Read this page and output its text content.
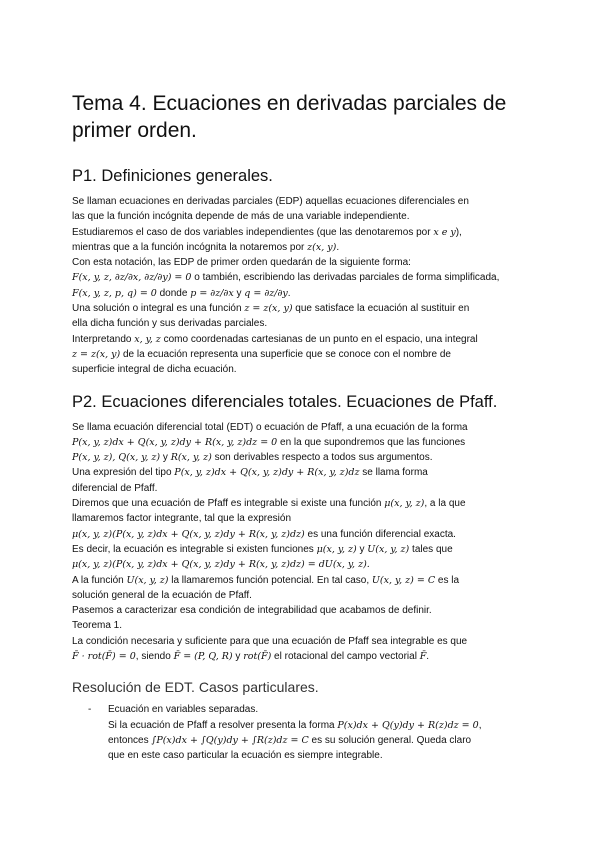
Tema 4. Ecuaciones en derivadas parciales de primer orden.
P1. Definiciones generales.

Se llaman ecuaciones en derivadas parciales (EDP) aquellas ecuaciones diferenciales en

las que la función incógnita depende de más de una variable independiente.

Estudiaremos el caso de dos variables independientes (que las denotaremos por x e y),

mientras que a la función incógnita la notaremos por z(x, y).

Con esta notación, las EDP de primer orden quedarán de la siguiente forma:

F(x, y, z, ∂z/∂x, ∂z/∂y) = 0 o también, escribiendo las derivadas parciales de forma simplificada,

F(x, y, z, p, q) = 0 donde p = ∂z/∂x y q = ∂z/∂y.

Una solución o integral es una función z = z(x, y) que satisface la ecuación al sustituir en

ella dicha función y sus derivadas parciales.

Interpretando x, y, z como coordenadas cartesianas de un punto en el espacio, una integral

z = z(x, y) de la ecuación representa una superficie que se conoce con el nombre de

superficie integral de dicha ecuación.

P2. Ecuaciones diferenciales totales. Ecuaciones de Pfaff.

Se llama ecuación diferencial total (EDT) o ecuación de Pfaff, a una ecuación de la forma

P(x, y, z)dx + Q(x, y, z)dy + R(x, y, z)dz = 0 en la que supondremos que las funciones

P(x, y, z), Q(x, y, z) y R(x, y, z) son derivables respecto a todos sus argumentos.

Una expresión del tipo P(x, y, z)dx + Q(x, y, z)dy + R(x, y, z)dz se llama forma

diferencial de Pfaff.

Diremos que una ecuación de Pfaff es integrable si existe una función μ(x, y, z), a la que

llamaremos factor integrante, tal que la expresión

μ(x, y, z)(P(x, y, z)dx + Q(x, y, z)dy + R(x, y, z)dz) es una función diferencial exacta.

Es decir, la ecuación es integrable si existen funciones μ(x, y, z) y U(x, y, z) tales que

μ(x, y, z)(P(x, y, z)dx + Q(x, y, z)dy + R(x, y, z)dz) = dU(x, y, z).

A la función U(x, y, z) la llamaremos función potencial. En tal caso, U(x, y, z) = C es la

solución general de la ecuación de Pfaff.

Pasemos a caracterizar esa condición de integrabilidad que acabamos de definir.

Teorema 1.

La condición necesaria y suficiente para que una ecuación de Pfaff sea integrable es que

F̄ · rot(F̄) = 0, siendo F̄ = (P, Q, R) y rot(F̄) el rotacional del campo vectorial F̄.

Resolución de EDT. Casos particulares.
- Ecuación en variables separadas.

Si la ecuación de Pfaff a resolver presenta la forma P(x)dx + Q(y)dy + R(z)dz = 0,

entonces ∫P(x)dx + ∫Q(y)dy + ∫R(z)dz = C es su solución general. Queda claro

que en este caso particular la ecuación es siempre integrable.
